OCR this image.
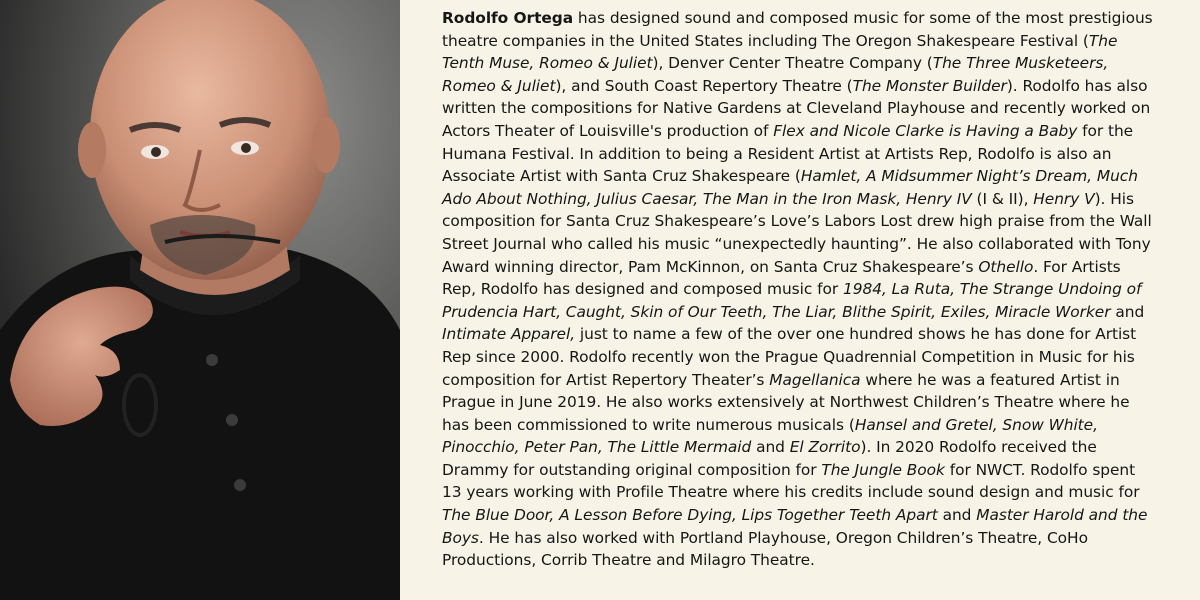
Rodolfo Ortega has designed sound and composed music for some of the most prestigious theatre companies in the United States including The Oregon Shakespeare Festival (The Tenth Muse, Romeo & Juliet), Denver Center Theatre Company (The Three Musketeers, Romeo & Juliet), and South Coast Repertory Theatre (The Monster Builder). Rodolfo has also written the compositions for Native Gardens at Cleveland Playhouse and recently worked on Actors Theater of Louisville's production of Flex and Nicole Clarke is Having a Baby for the Humana Festival. In addition to being a Resident Artist at Artists Rep, Rodolfo is also an Associate Artist with Santa Cruz Shakespeare (Hamlet, A Midsummer Night’s Dream, Much Ado About Nothing, Julius Caesar, The Man in the Iron Mask, Henry IV (I & II), Henry V). His composition for Santa Cruz Shakespeare’s Love’s Labors Lost drew high praise from the Wall Street Journal who called his music “unexpectedly haunting”. He also collaborated with Tony Award winning director, Pam McKinnon, on Santa Cruz Shakespeare’s Othello. For Artists Rep, Rodolfo has designed and composed music for 1984, La Ruta, The Strange Undoing of Prudencia Hart, Caught, Skin of Our Teeth, The Liar, Blithe Spirit, Exiles, Miracle Worker and Intimate Apparel, just to name a few of the over one hundred shows he has done for Artist Rep since 2000. Rodolfo recently won the Prague Quadrennial Competition in Music for his composition for Artist Repertory Theater’s Magellanica where he was a featured Artist in Prague in June 2019. He also works extensively at Northwest Children’s Theatre where he has been commissioned to write numerous musicals (Hansel and Gretel, Snow White, Pinocchio, Peter Pan, The Little Mermaid and El Zorrito). In 2020 Rodolfo received the Drammy for outstanding original composition for The Jungle Book for NWCT. Rodolfo spent 13 years working with Profile Theatre where his credits include sound design and music for The Blue Door, A Lesson Before Dying, Lips Together Teeth Apart and Master Harold and the Boys. He has also worked with Portland Playhouse, Oregon Children’s Theatre, CoHo Productions, Corrib Theatre and Milagro Theatre.
